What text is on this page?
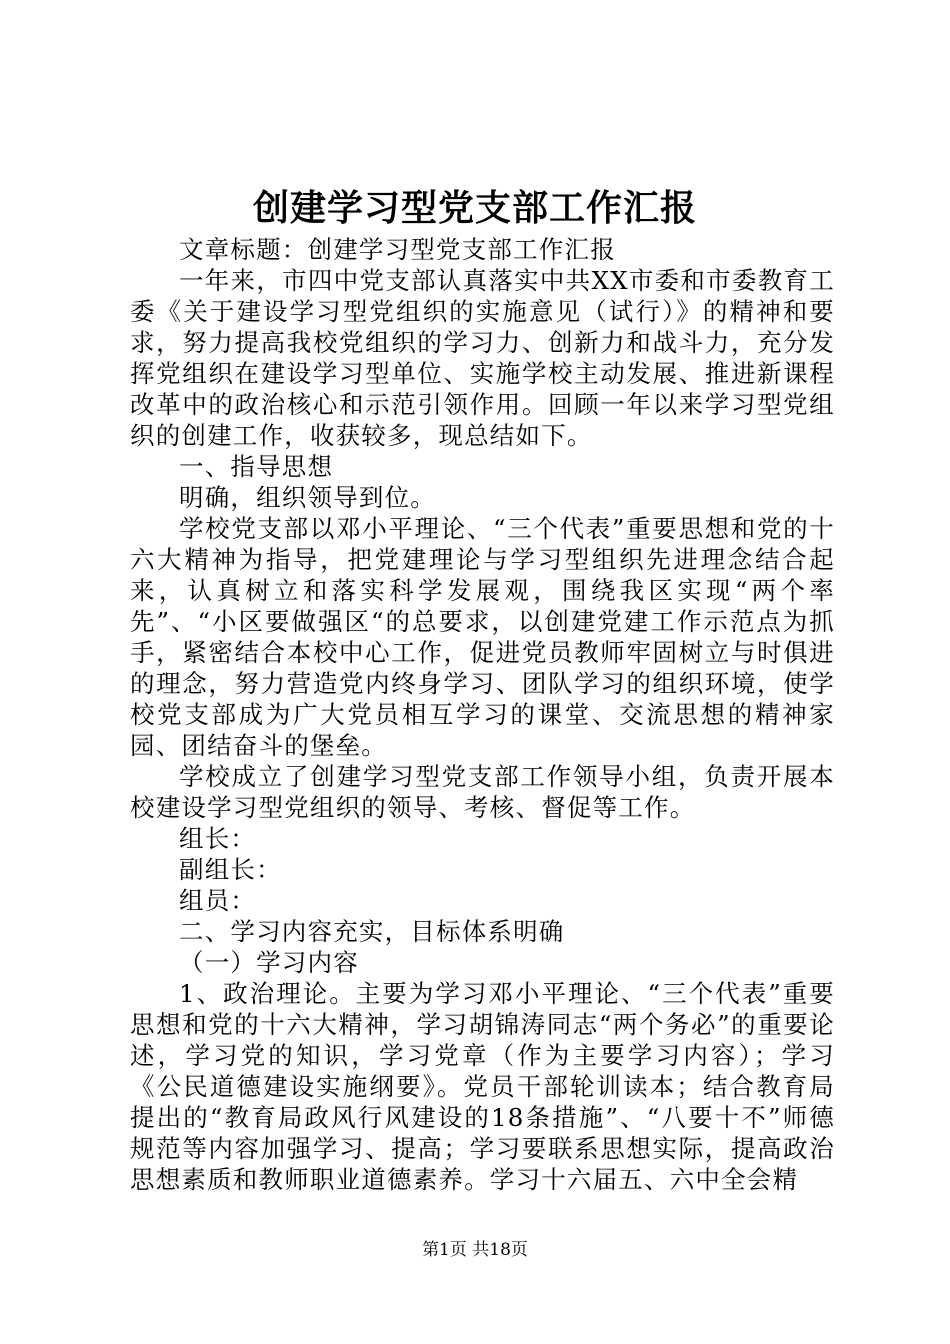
创建学习型党支部工作汇报

文章标题：创建学习型党支部工作汇报

一年来，市四中党支部认真落实中共XX市委和市委教育工委《关于建设学习型党组织的实施意见（试行）》的精神和要求，努力提高我校党组织的学习力、创新力和战斗力，充分发挥党组织在建设学习型单位、实施学校主动发展、推进新课程改革中的政治核心和示范引领作用。回顾一年以来学习型党组织的创建工作，收获较多，现总结如下。

一、指导思想

明确，组织领导到位。

学校党支部以邓小平理论、“三个代表”重要思想和党的十六大精神为指导，把党建理论与学习型组织先进理念结合起来，认真树立和落实科学发展观，围绕我区实现“两个率先”、“小区要做强区“的总要求，以创建党建工作示范点为抓手，紧密结合本校中心工作，促进党员教师牢固树立与时俱进的理念，努力营造党内终身学习、团队学习的组织环境，使学校党支部成为广大党员相互学习的课堂、交流思想的精神家园、团结奋斗的堡垒。

学校成立了创建学习型党支部工作领导小组，负责开展本校建设学习型党组织的领导、考核、督促等工作。

组长：

副组长：

组员：

二、学习内容充实，目标体系明确

（一）学习内容

1、政治理论。主要为学习邓小平理论、“三个代表”重要思想和党的十六大精神，学习胡锦涛同志“两个务必”的重要论述，学习党的知识，学习党章（作为主要学习内容）；学习《公民道德建设实施纲要》。党员干部轮训读本；结合教育局提出的“教育局政风行风建设的18条措施”、“八要十不”师德规范等内容加强学习、提高；学习要联系思想实际，提高政治思想素质和教师职业道德素养。学习十六届五、六中全会精

第1页 共18页
